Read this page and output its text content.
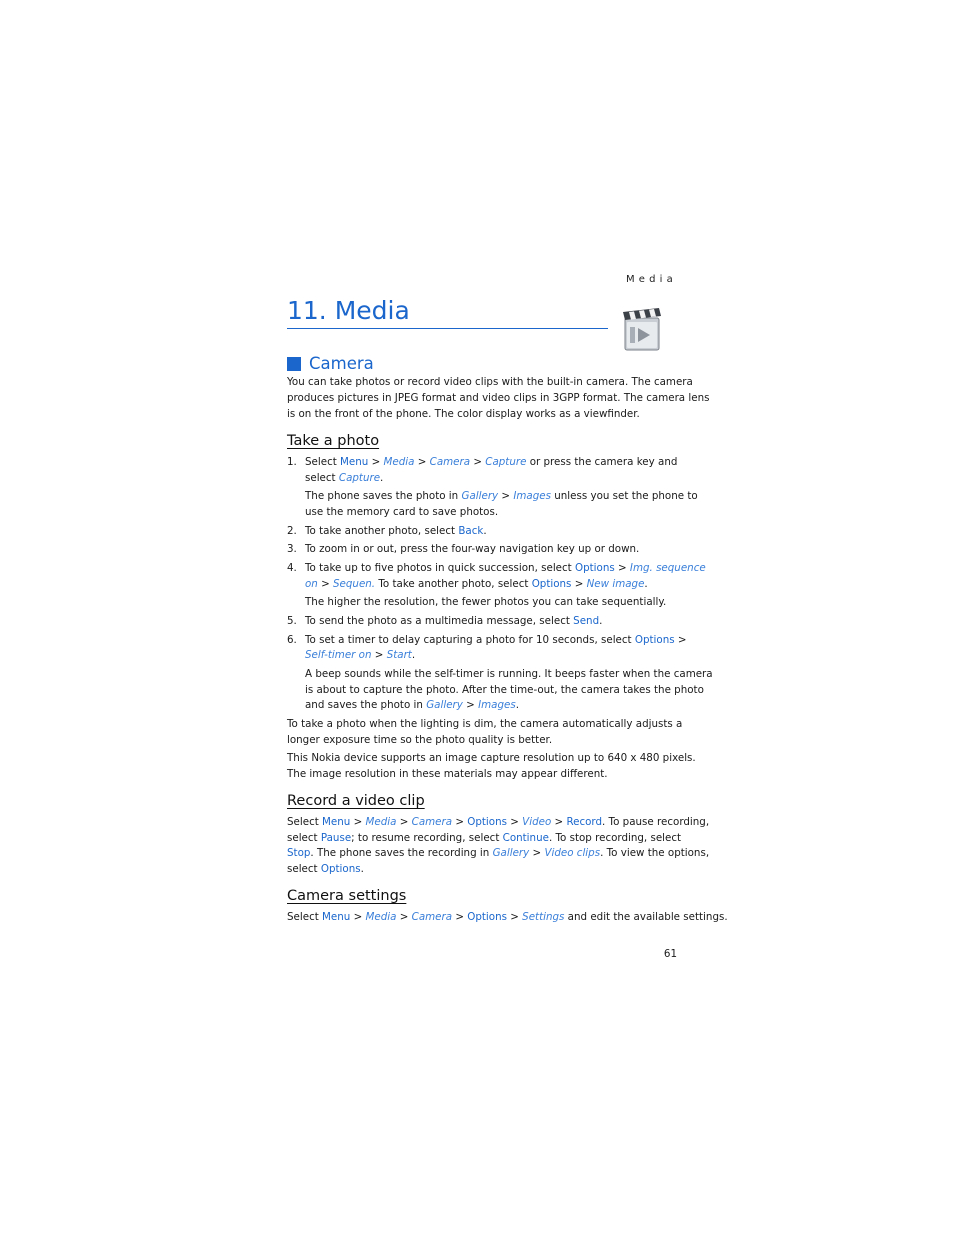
Media
11. Media
Camera
You can take photos or record video clips with the built-in camera. The camera
produces pictures in JPEG format and video clips in 3GPP format. The camera lens
is on the front of the phone. The color display works as a viewfinder.
Take a photo
1. Select Menu > Media > Camera > Capture or press the camera key and
select Capture.
The phone saves the photo in Gallery > Images unless you set the phone to
use the memory card to save photos.
2. To take another photo, select Back.
3. To zoom in or out, press the four-way navigation key up or down.
4. To take up to five photos in quick succession, select Options > Img. sequence
on > Sequen. To take another photo, select Options > New image.
The higher the resolution, the fewer photos you can take sequentially.
5. To send the photo as a multimedia message, select Send.
6. To set a timer to delay capturing a photo for 10 seconds, select Options >
Self-timer on > Start.
A beep sounds while the self-timer is running. It beeps faster when the camera
is about to capture the photo. After the time-out, the camera takes the photo
and saves the photo in Gallery > Images.
To take a photo when the lighting is dim, the camera automatically adjusts a
longer exposure time so the photo quality is better.
This Nokia device supports an image capture resolution up to 640 x 480 pixels.
The image resolution in these materials may appear different.
Record a video clip
Select Menu > Media > Camera > Options > Video > Record. To pause recording,
select Pause; to resume recording, select Continue. To stop recording, select
Stop. The phone saves the recording in Gallery > Video clips. To view the options,
select Options.
Camera settings
Select Menu > Media > Camera > Options > Settings and edit the available settings.
61
